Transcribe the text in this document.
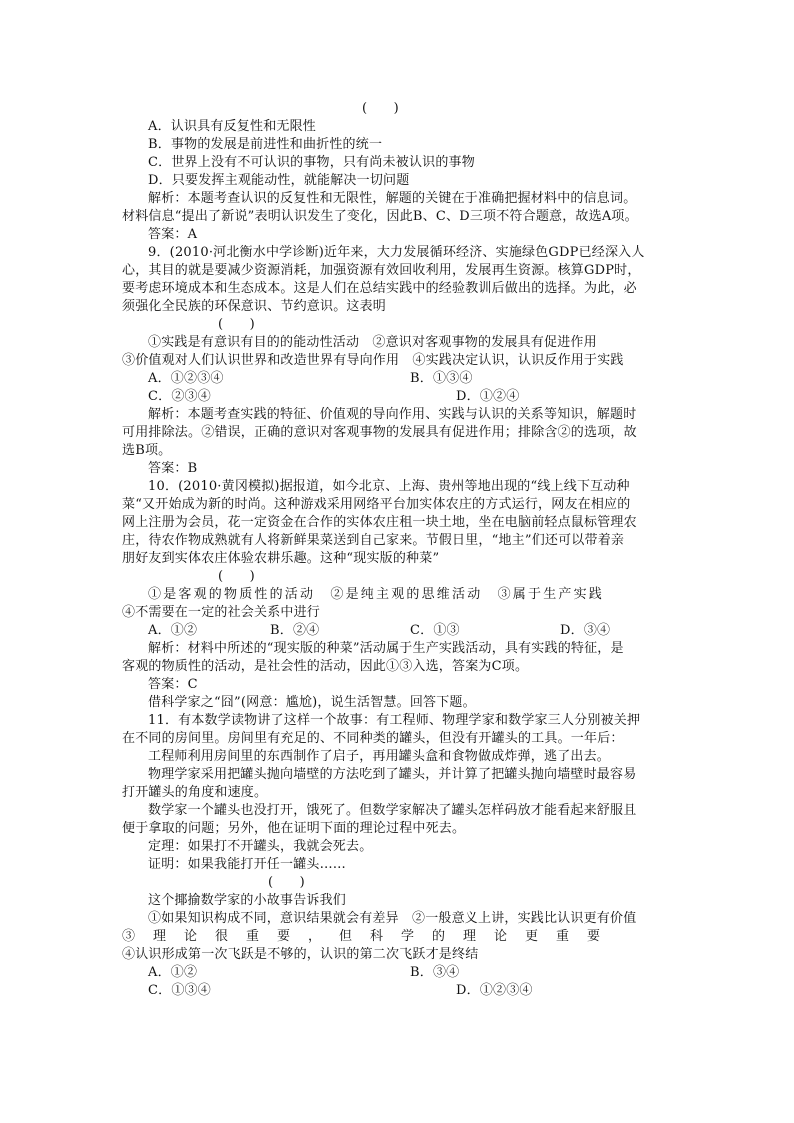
(　　)
A．认识具有反复性和无限性
B．事物的发展是前进性和曲折性的统一
C．世界上没有不可认识的事物，只有尚未被认识的事物
D．只要发挥主观能动性，就能解决一切问题
解析：本题考查认识的反复性和无限性，解题的关键在于准确把握材料中的信息词。
材料信息“提出了新说”表明认识发生了变化，因此B、C、D三项不符合题意，故选A项。
答案：A
9．(2010·河北衡水中学诊断)近年来，大力发展循环经济、实施绿色GDP已经深入人
心，其目的就是要减少资源消耗，加强资源有效回收利用，发展再生资源。核算GDP时，
要考虑环境成本和生态成本。这是人们在总结实践中的经验教训后做出的选择。为此，必
须强化全民族的环保意识、节约意识。这表明
(　　)
①实践是有意识有目的的能动性活动　②意识对客观事物的发展具有促进作用
③价值观对人们认识世界和改造世界有导向作用　④实践决定认识，认识反作用于实践
A．①②③④	B．①③④
C．②③④	D．①②④
解析：本题考查实践的特征、价值观的导向作用、实践与认识的关系等知识，解题时
可用排除法。②错误，正确的意识对客观事物的发展具有促进作用；排除含②的选项，故
选B项。
答案：B
10．(2010·黄冈模拟)据报道，如今北京、上海、贵州等地出现的“线上线下互动种
菜“又开始成为新的时尚。这种游戏采用网络平台加实体农庄的方式运行，网友在相应的
网上注册为会员，花一定资金在合作的实体农庄租一块土地，坐在电脑前轻点鼠标管理农
庄，待农作物成熟就有人将新鲜果菜送到自己家来。节假日里，“地主”们还可以带着亲
朋好友到实体农庄体验农耕乐趣。这种“现实版的种菜”
(　　)
①是客观的物质性的活动　②是纯主观的思维活动　③属于生产实践
④不需要在一定的社会关系中进行
A．①②	B．②④	C．①③	D．③④
解析：材料中所述的“现实版的种菜”活动属于生产实践活动，具有实践的特征，是
客观的物质性的活动，是社会性的活动，因此①③入选，答案为C项。
答案：C
借科学家之“囧”(网意：尴尬)，说生活智慧。回答下题。
11．有本数学读物讲了这样一个故事：有工程师、物理学家和数学家三人分别被关押
在不同的房间里。房间里有充足的、不同种类的罐头，但没有开罐头的工具。一年后：
工程师利用房间里的东西制作了启子，再用罐头盒和食物做成炸弹，逃了出去。
物理学家采用把罐头抛向墙壁的方法吃到了罐头，并计算了把罐头抛向墙壁时最容易
打开罐头的角度和速度。
数学家一个罐头也没打开，饿死了。但数学家解决了罐头怎样码放才能看起来舒服且
便于拿取的问题；另外，他在证明下面的理论过程中死去。
定理：如果打不开罐头，我就会死去。
证明：如果我能打开任一罐头……
(　　)
这个揶揄数学家的小故事告诉我们
①如果知识构成不同，意识结果就会有差异　②一般意义上讲，实践比认识更有价值
③理论很重要，但科学的理论更重要
④认识形成第一次飞跃是不够的，认识的第二次飞跃才是终结
A．①②	B．③④
C．①③④	D．①②③④
